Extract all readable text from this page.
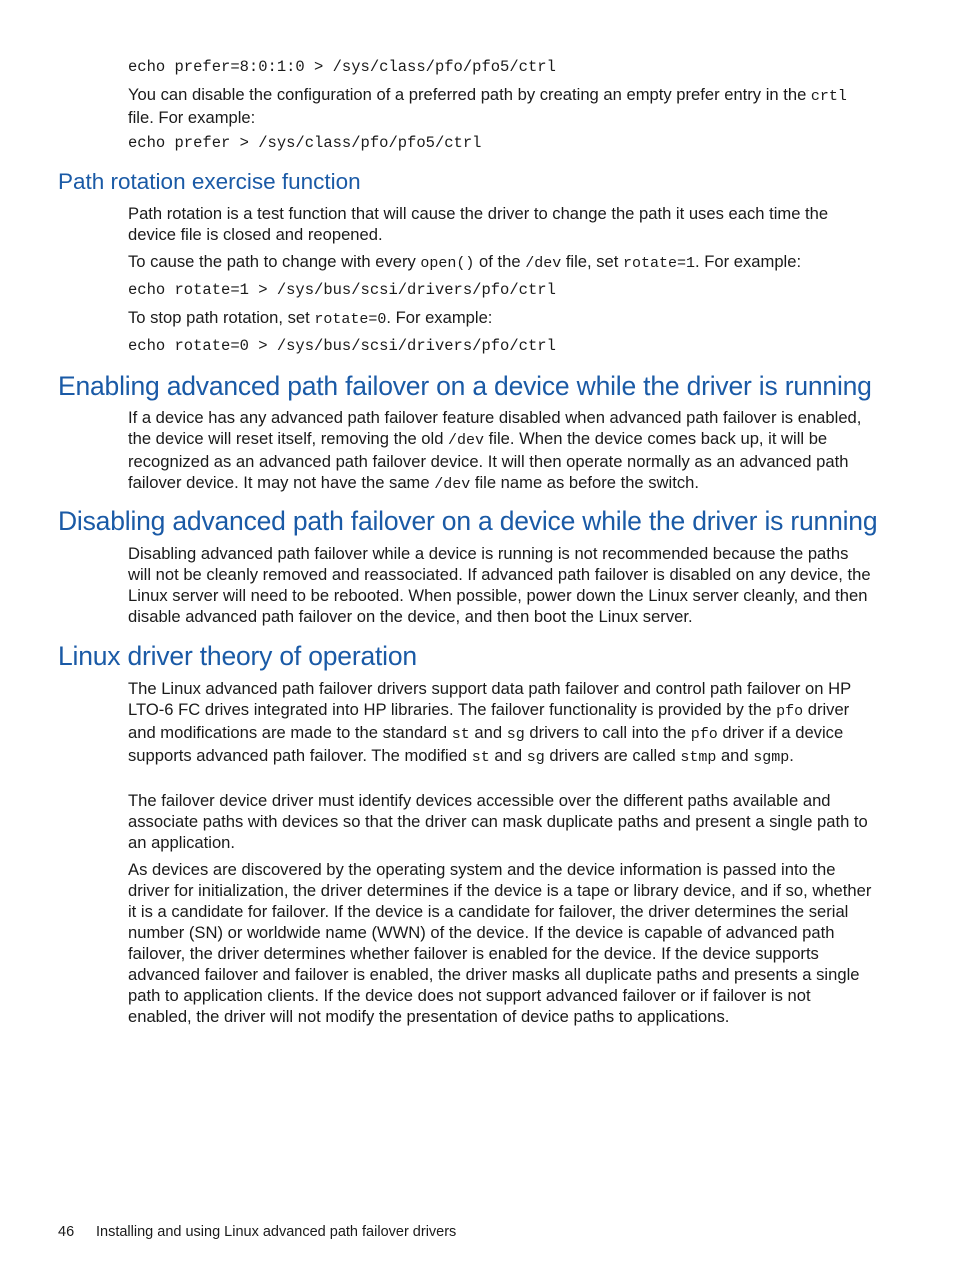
echo prefer=8:0:1:0 > /sys/class/pfo/pfo5/ctrl
You can disable the configuration of a preferred path by creating an empty prefer entry in the crtl file. For example:
echo prefer > /sys/class/pfo/pfo5/ctrl
Path rotation exercise function
Path rotation is a test function that will cause the driver to change the path it uses each time the device file is closed and reopened.
To cause the path to change with every open() of the /dev file, set rotate=1. For example:
echo rotate=1 > /sys/bus/scsi/drivers/pfo/ctrl
To stop path rotation, set rotate=0. For example:
echo rotate=0 > /sys/bus/scsi/drivers/pfo/ctrl
Enabling advanced path failover on a device while the driver is running
If a device has any advanced path failover feature disabled when advanced path failover is enabled, the device will reset itself, removing the old /dev file. When the device comes back up, it will be recognized as an advanced path failover device. It will then operate normally as an advanced path failover device. It may not have the same /dev file name as before the switch.
Disabling advanced path failover on a device while the driver is running
Disabling advanced path failover while a device is running is not recommended because the paths will not be cleanly removed and reassociated. If advanced path failover is disabled on any device, the Linux server will need to be rebooted. When possible, power down the Linux server cleanly, and then disable advanced path failover on the device, and then boot the Linux server.
Linux driver theory of operation
The Linux advanced path failover drivers support data path failover and control path failover on HP LTO-6 FC drives integrated into HP libraries. The failover functionality is provided by the pfo driver and modifications are made to the standard st and sg drivers to call into the pfo driver if a device supports advanced path failover. The modified st and sg drivers are called stmp and sgmp.
The failover device driver must identify devices accessible over the different paths available and associate paths with devices so that the driver can mask duplicate paths and present a single path to an application.
As devices are discovered by the operating system and the device information is passed into the driver for initialization, the driver determines if the device is a tape or library device, and if so, whether it is a candidate for failover. If the device is a candidate for failover, the driver determines the serial number (SN) or worldwide name (WWN) of the device. If the device is capable of advanced path failover, the driver determines whether failover is enabled for the device. If the device supports advanced failover and failover is enabled, the driver masks all duplicate paths and presents a single path to application clients. If the device does not support advanced failover or if failover is not enabled, the driver will not modify the presentation of device paths to applications.
46 Installing and using Linux advanced path failover drivers
